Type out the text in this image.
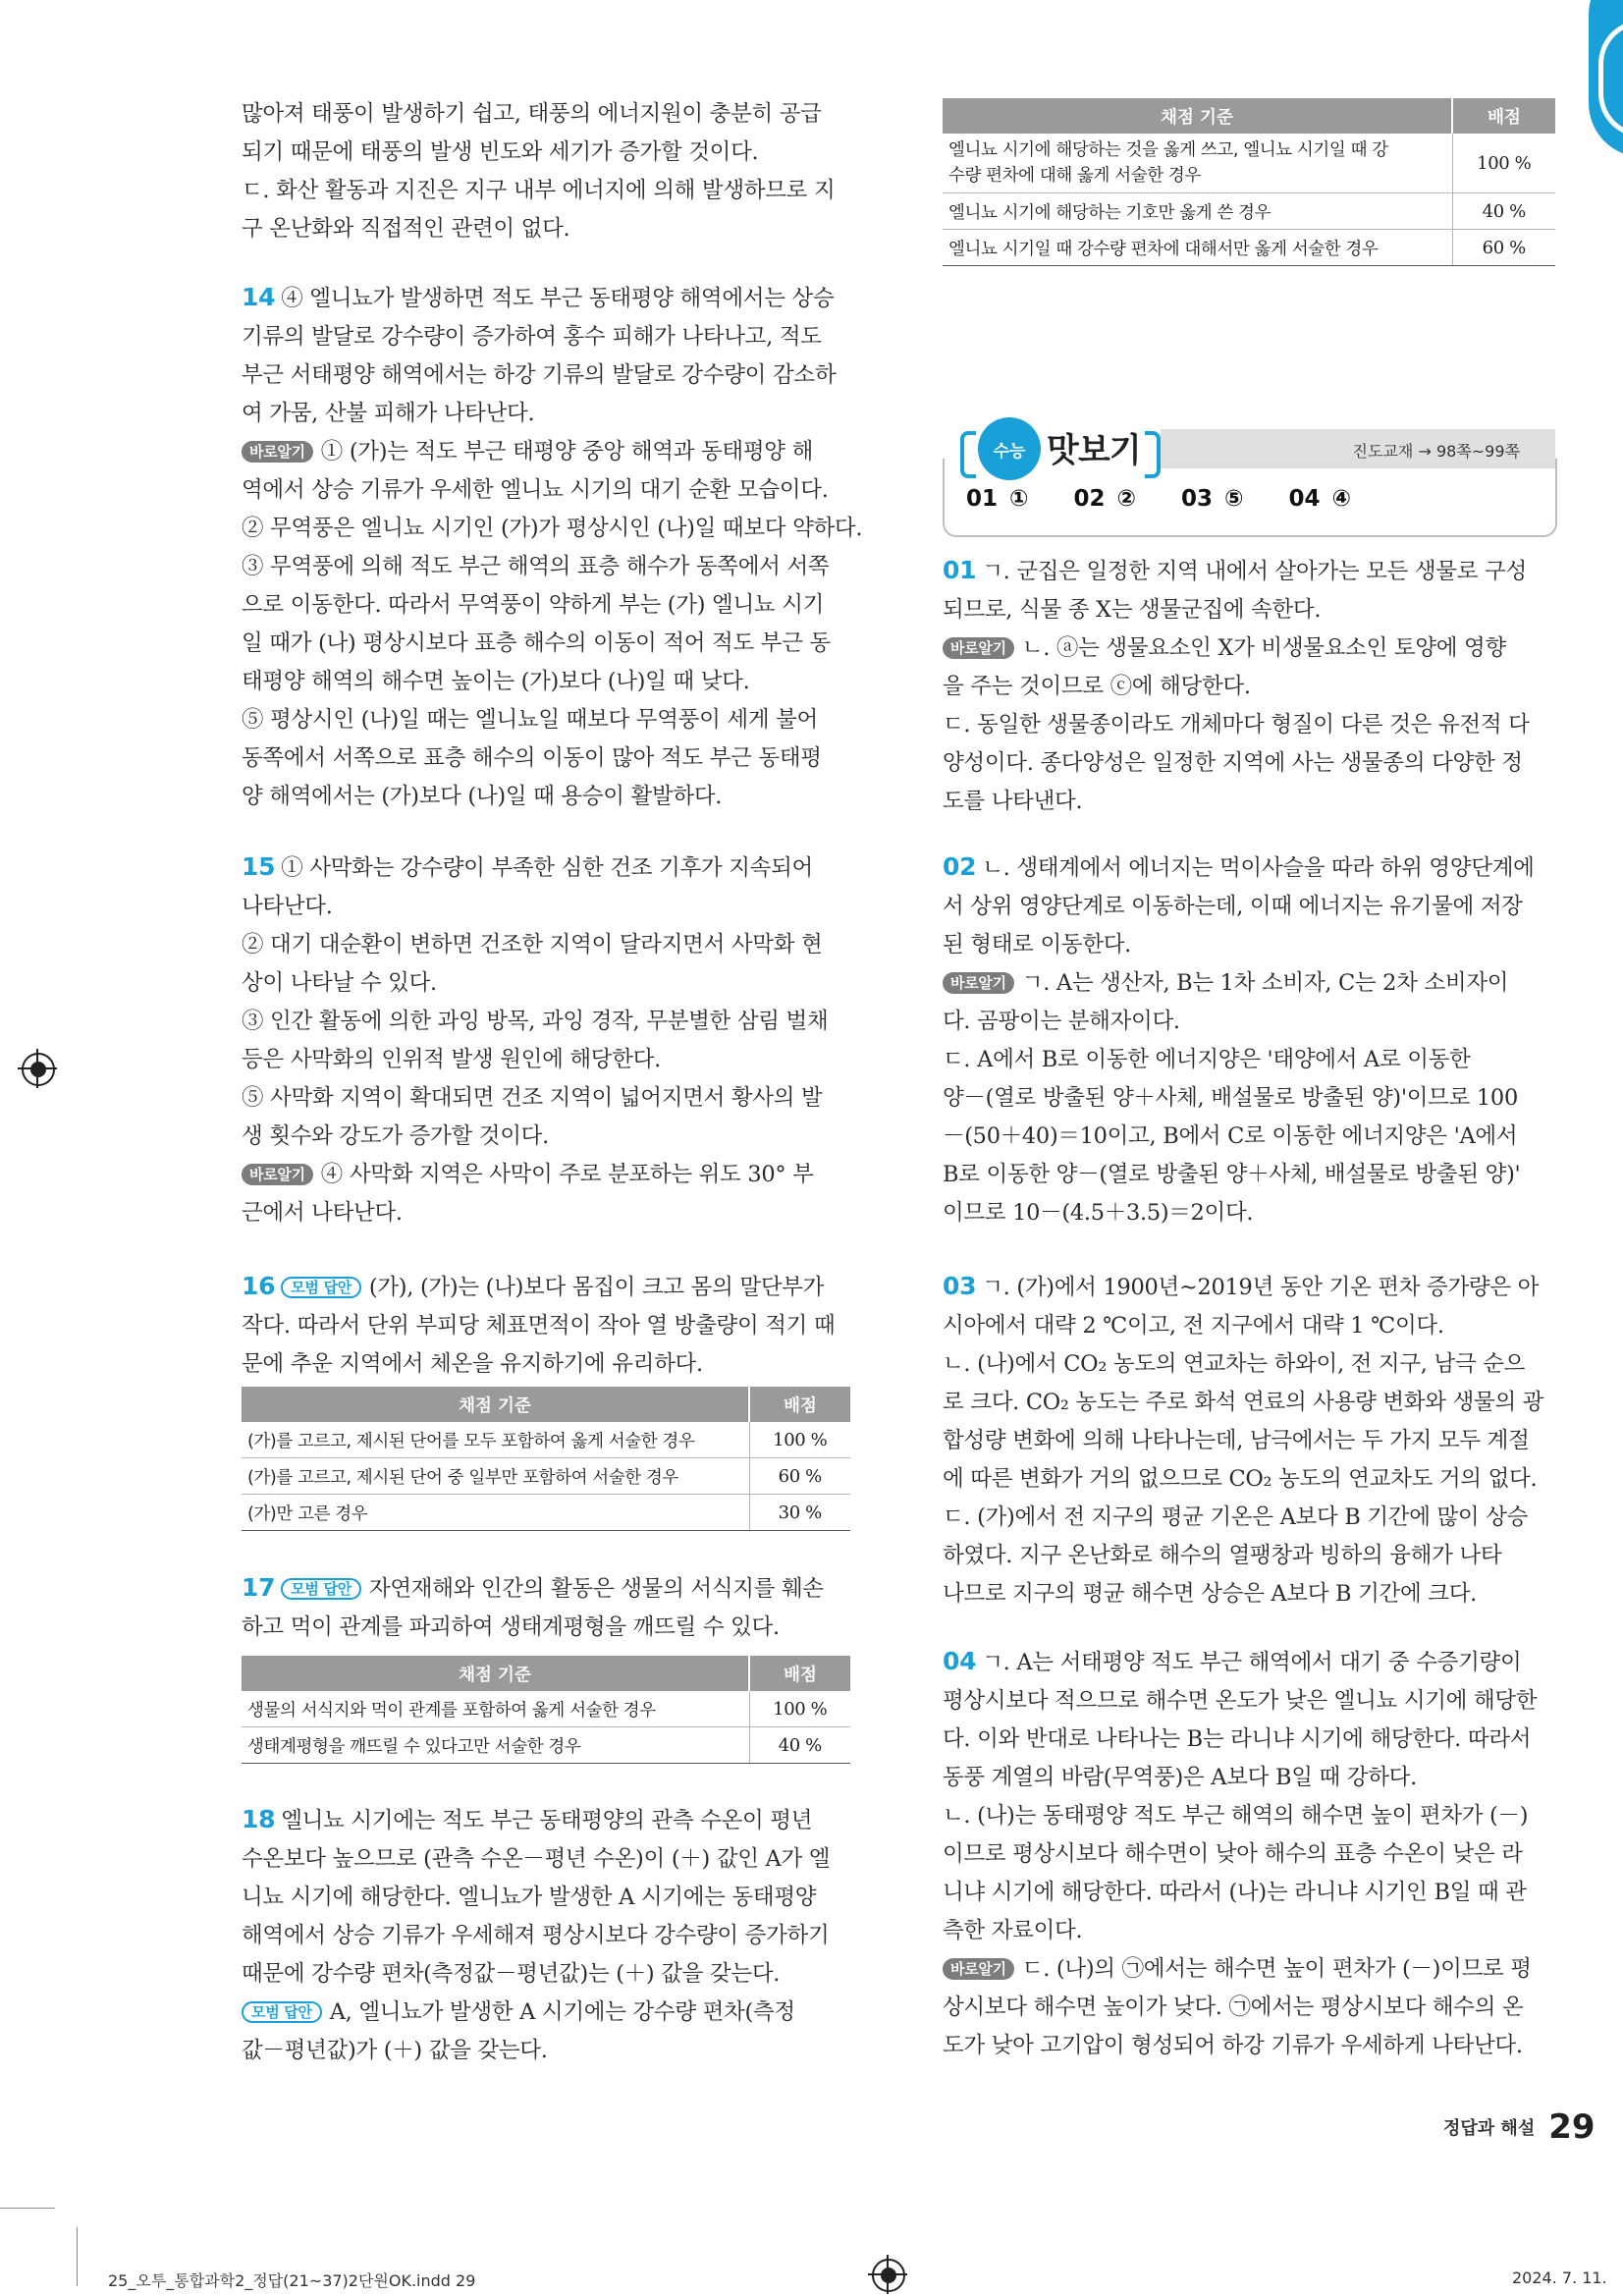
많아져 태풍이 발생하기 쉽고, 태풍의 에너지원이 충분히 공급

되기 때문에 태풍의 발생 빈도와 세기가 증가할 것이다.

ㄷ. 화산 활동과 지진은 지구 내부 에너지에 의해 발생하므로 지

구 온난화와 직접적인 관련이 없다.

14 ④ 엘니뇨가 발생하면 적도 부근 동태평양 해역에서는 상승

기류의 발달로 강수량이 증가하여 홍수 피해가 나타나고, 적도

부근 서태평양 해역에서는 하강 기류의 발달로 강수량이 감소하

여 가뭄, 산불 피해가 나타난다.

바로알기 ① (가)는 적도 부근 태평양 중앙 해역과 동태평양 해

역에서 상승 기류가 우세한 엘니뇨 시기의 대기 순환 모습이다.

② 무역풍은 엘니뇨 시기인 (가)가 평상시인 (나)일 때보다 약하다.

③ 무역풍에 의해 적도 부근 해역의 표층 해수가 동쪽에서 서쪽

으로 이동한다. 따라서 무역풍이 약하게 부는 (가) 엘니뇨 시기

일 때가 (나) 평상시보다 표층 해수의 이동이 적어 적도 부근 동

태평양 해역의 해수면 높이는 (가)보다 (나)일 때 낮다.

⑤ 평상시인 (나)일 때는 엘니뇨일 때보다 무역풍이 세게 불어

동쪽에서 서쪽으로 표층 해수의 이동이 많아 적도 부근 동태평

양 해역에서는 (가)보다 (나)일 때 용승이 활발하다.

15 ① 사막화는 강수량이 부족한 심한 건조 기후가 지속되어

나타난다.

② 대기 대순환이 변하면 건조한 지역이 달라지면서 사막화 현

상이 나타날 수 있다.

③ 인간 활동에 의한 과잉 방목, 과잉 경작, 무분별한 삼림 벌채

등은 사막화의 인위적 발생 원인에 해당한다.

⑤ 사막화 지역이 확대되면 건조 지역이 넓어지면서 황사의 발

생 횟수와 강도가 증가할 것이다.

바로알기 ④ 사막화 지역은 사막이 주로 분포하는 위도 30° 부

근에서 나타난다.

16 모범 답안 (가), (가)는 (나)보다 몸집이 크고 몸의 말단부가

작다. 따라서 단위 부피당 체표면적이 작아 열 방출량이 적기 때

문에 추운 지역에서 체온을 유지하기에 유리하다.

채점 기준	배점
(가)를 고르고, 제시된 단어를 모두 포함하여 옳게 서술한 경우	100 %
(가)를 고르고, 제시된 단어 중 일부만 포함하여 서술한 경우	60 %
(가)만 고른 경우	30 %

17 모범 답안 자연재해와 인간의 활동은 생물의 서식지를 훼손

하고 먹이 관계를 파괴하여 생태계평형을 깨뜨릴 수 있다.

채점 기준	배점
생물의 서식지와 먹이 관계를 포함하여 옳게 서술한 경우	100 %
생태계평형을 깨뜨릴 수 있다고만 서술한 경우	40 %

18 엘니뇨 시기에는 적도 부근 동태평양의 관측 수온이 평년

수온보다 높으므로 (관측 수온－평년 수온)이 (＋) 값인 A가 엘

니뇨 시기에 해당한다. 엘니뇨가 발생한 A 시기에는 동태평양

해역에서 상승 기류가 우세해져 평상시보다 강수량이 증가하기

때문에 강수량 편차(측정값－평년값)는 (＋) 값을 갖는다.

모범 답안 A, 엘니뇨가 발생한 A 시기에는 강수량 편차(측정

값－평년값)가 (＋) 값을 갖는다.

채점 기준	배점

엘니뇨 시기에 해당하는 것을 옳게 쓰고, 엘니뇨 시기일 때 강
수량 편차에 대해 옳게 서술한 경우	100 %
엘니뇨 시기에 해당하는 기호만 옳게 쓴 경우	40 %
엘니뇨 시기일 때 강수량 편차에 대해서만 옳게 서술한 경우	60 %
수능 맛보기	진도교재 → 98쪽~99쪽
01 ① 02 ② 03 ⑤ 04 ④

01 ㄱ. 군집은 일정한 지역 내에서 살아가는 모든 생물로 구성

되므로, 식물 종 X는 생물군집에 속한다.

바로알기 ㄴ. ⓐ는 생물요소인 X가 비생물요소인 토양에 영향

을 주는 것이므로 ⓒ에 해당한다.

ㄷ. 동일한 생물종이라도 개체마다 형질이 다른 것은 유전적 다

양성이다. 종다양성은 일정한 지역에 사는 생물종의 다양한 정

도를 나타낸다.

02 ㄴ. 생태계에서 에너지는 먹이사슬을 따라 하위 영양단계에

서 상위 영양단계로 이동하는데, 이때 에너지는 유기물에 저장

된 형태로 이동한다.

바로알기 ㄱ. A는 생산자, B는 1차 소비자, C는 2차 소비자이

다. 곰팡이는 분해자이다.

ㄷ. A에서 B로 이동한 에너지양은 '태양에서 A로 이동한

양－(열로 방출된 양＋사체, 배설물로 방출된 양)'이므로 100

－(50＋40)＝10이고, B에서 C로 이동한 에너지양은 'A에서

B로 이동한 양－(열로 방출된 양＋사체, 배설물로 방출된 양)'

이므로 10－(4.5＋3.5)＝2이다.

03 ㄱ. (가)에서 1900년~2019년 동안 기온 편차 증가량은 아

시아에서 대략 2 ℃이고, 전 지구에서 대략 1 ℃이다.

ㄴ. (나)에서 CO₂ 농도의 연교차는 하와이, 전 지구, 남극 순으

로 크다. CO₂ 농도는 주로 화석 연료의 사용량 변화와 생물의 광

합성량 변화에 의해 나타나는데, 남극에서는 두 가지 모두 계절

에 따른 변화가 거의 없으므로 CO₂ 농도의 연교차도 거의 없다.

ㄷ. (가)에서 전 지구의 평균 기온은 A보다 B 기간에 많이 상승

하였다. 지구 온난화로 해수의 열팽창과 빙하의 융해가 나타

나므로 지구의 평균 해수면 상승은 A보다 B 기간에 크다.

04 ㄱ. A는 서태평양 적도 부근 해역에서 대기 중 수증기량이

평상시보다 적으므로 해수면 온도가 낮은 엘니뇨 시기에 해당한

다. 이와 반대로 나타나는 B는 라니냐 시기에 해당한다. 따라서

동풍 계열의 바람(무역풍)은 A보다 B일 때 강하다.

ㄴ. (나)는 동태평양 적도 부근 해역의 해수면 높이 편차가 (－)

이므로 평상시보다 해수면이 낮아 해수의 표층 수온이 낮은 라

니냐 시기에 해당한다. 따라서 (나)는 라니냐 시기인 B일 때 관

측한 자료이다.

바로알기 ㄷ. (나)의 ㉠에서는 해수면 높이 편차가 (－)이므로 평

상시보다 해수면 높이가 낮다. ㉠에서는 평상시보다 해수의 온

도가 낮아 고기압이 형성되어 하강 기류가 우세하게 나타난다.

정답과 해설 29
25_오투_통합과학2_정답(21~37)2단원OK.indd 29	2024. 7. 11.
